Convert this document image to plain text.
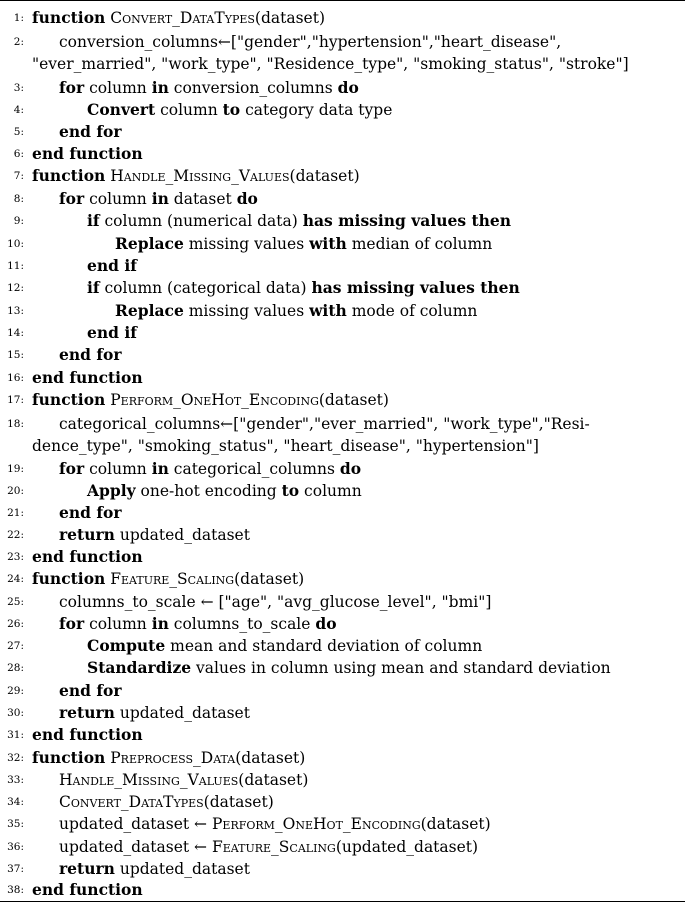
1: function Convert_DataTypes(dataset)
2: conversion_columns ← ["gender", "hypertension", "heart_disease",
"ever_married", "work_type", "Residence_type", "smoking_status", "stroke"]
3: for column in conversion_columns do
4:	Convert column to category data type
5: end for
6: end function
7: function Handle_Missing_Values(dataset)
8: for column in dataset do
9:	if column (numerical data) has missing values then
10:	Replace missing values with median of column
11:	end if
12:	if column (categorical data) has missing values then
13:	Replace missing values with mode of column
14:	end if
15: end for
16: end function
17: function Perform_OneHot_Encoding(dataset)
18: categorical_columns ← ["gender", "ever_married" , "work_type", "Resi-
dence_type", "smoking_status", "heart_disease", "hypertension"]
19: for column in categorical_columns do
20:	Apply one-hot encoding to column
21: end for
22: return updated_dataset
23: end function
24: function Feature_Scaling(dataset)
25: columns_to_scale ← ["age", "avg_glucose_level", "bmi"]
26: for column in columns_to_scale do
27:	Compute mean and standard deviation of column
28:	Standardize values in column using mean and standard deviation
29: end for
30: return updated_dataset
31: end function
32: function Preprocess_Data(dataset)
33: Handle_Missing_Values(dataset)
34: Convert_DataTypes(dataset)
35: updated_dataset ← Perform_OneHot_Encoding(dataset)
36: updated_dataset ← Feature_Scaling(updated_dataset)
37: return updated_dataset
38: end function
